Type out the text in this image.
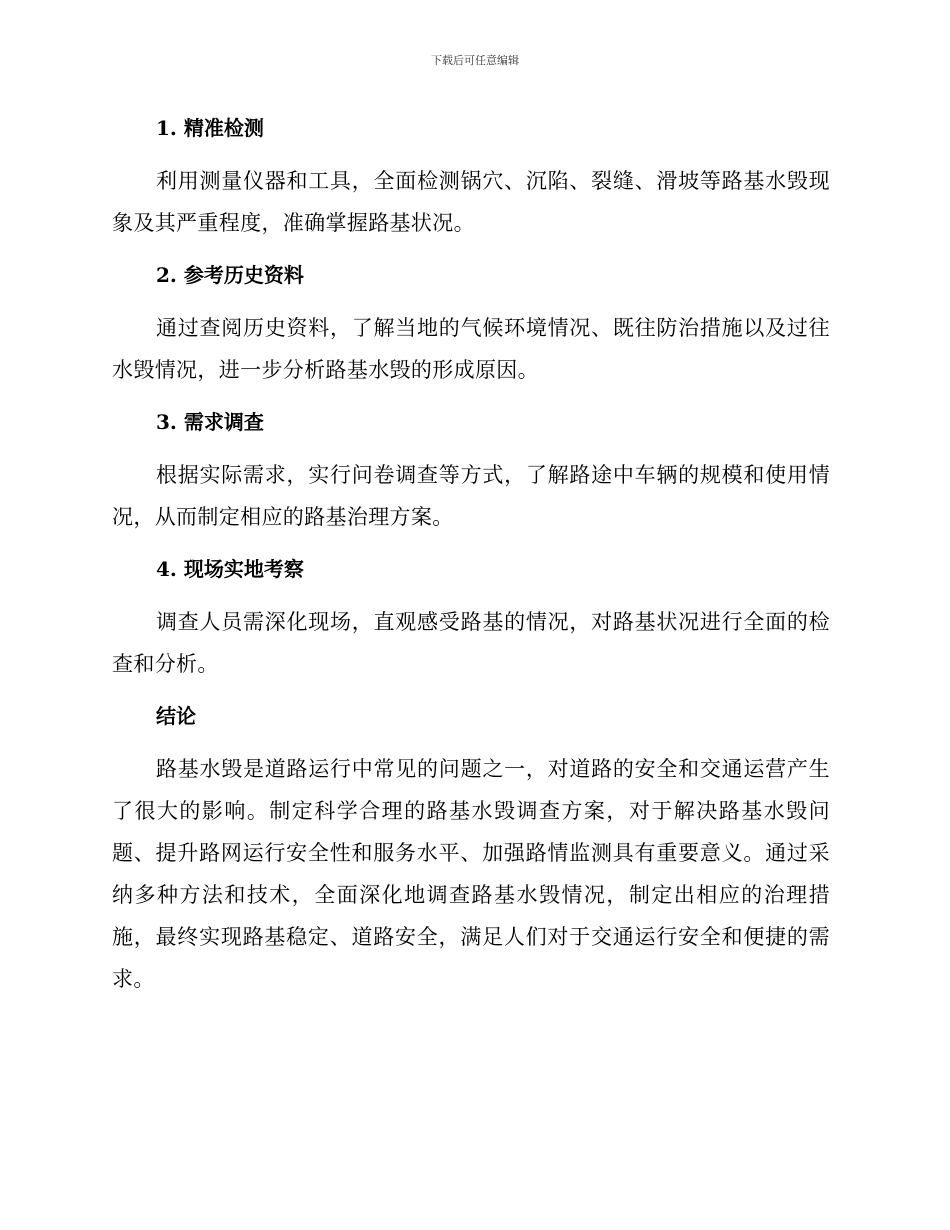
下载后可任意编辑

1. 精准检测

利用测量仪器和工具，全面检测锅穴、沉陷、裂缝、滑坡等路基水毁现象及其严重程度，准确掌握路基状况。

2. 参考历史资料

通过查阅历史资料，了解当地的气候环境情况、既往防治措施以及过往水毁情况，进一步分析路基水毁的形成原因。

3. 需求调查

根据实际需求，实行问卷调查等方式，了解路途中车辆的规模和使用情况，从而制定相应的路基治理方案。

4. 现场实地考察

调查人员需深化现场，直观感受路基的情况，对路基状况进行全面的检查和分析。

结论

路基水毁是道路运行中常见的问题之一，对道路的安全和交通运营产生了很大的影响。制定科学合理的路基水毁调查方案，对于解决路基水毁问题、提升路网运行安全性和服务水平、加强路情监测具有重要意义。通过采纳多种方法和技术，全面深化地调查路基水毁情况，制定出相应的治理措施，最终实现路基稳定、道路安全，满足人们对于交通运行安全和便捷的需求。
